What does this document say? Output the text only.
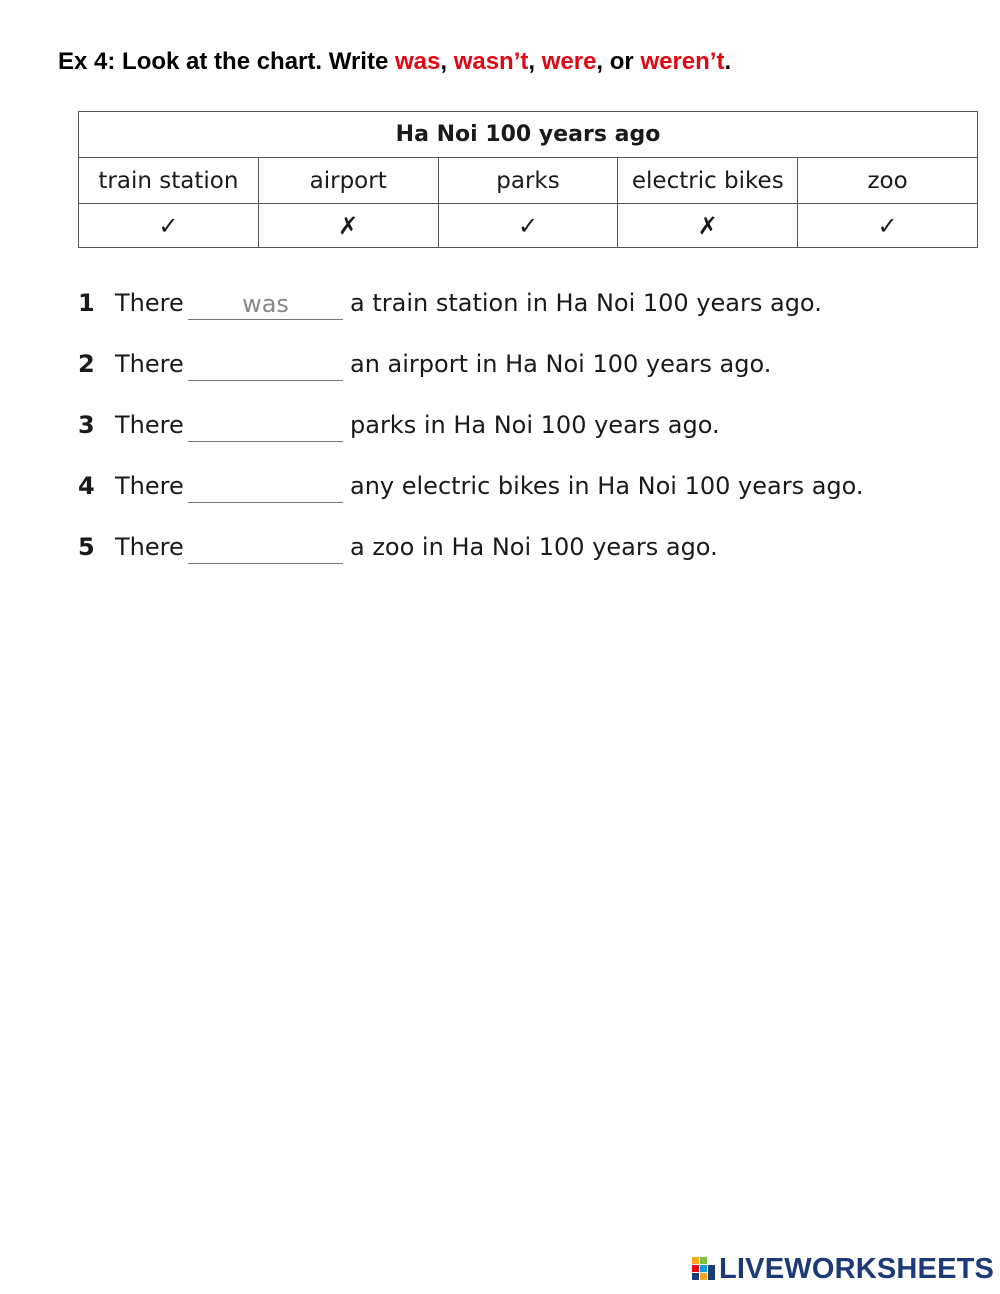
Ex 4: Look at the chart. Write was, wasn’t, were, or weren’t.
Ha Noi 100 years ago				
train station	airport	parks	electric bikes	zoo
✓	✗	✓	✗	✓
1 There
was	a train station in Ha Noi 100 years ago.
2 There	an airport in Ha Noi 100 years ago.
3 There	parks in Ha Noi 100 years ago.
4 There	any electric bikes in Ha Noi 100 years ago.
5 There	a zoo in Ha Noi 100 years ago.
LIVEWORKSHEETS
